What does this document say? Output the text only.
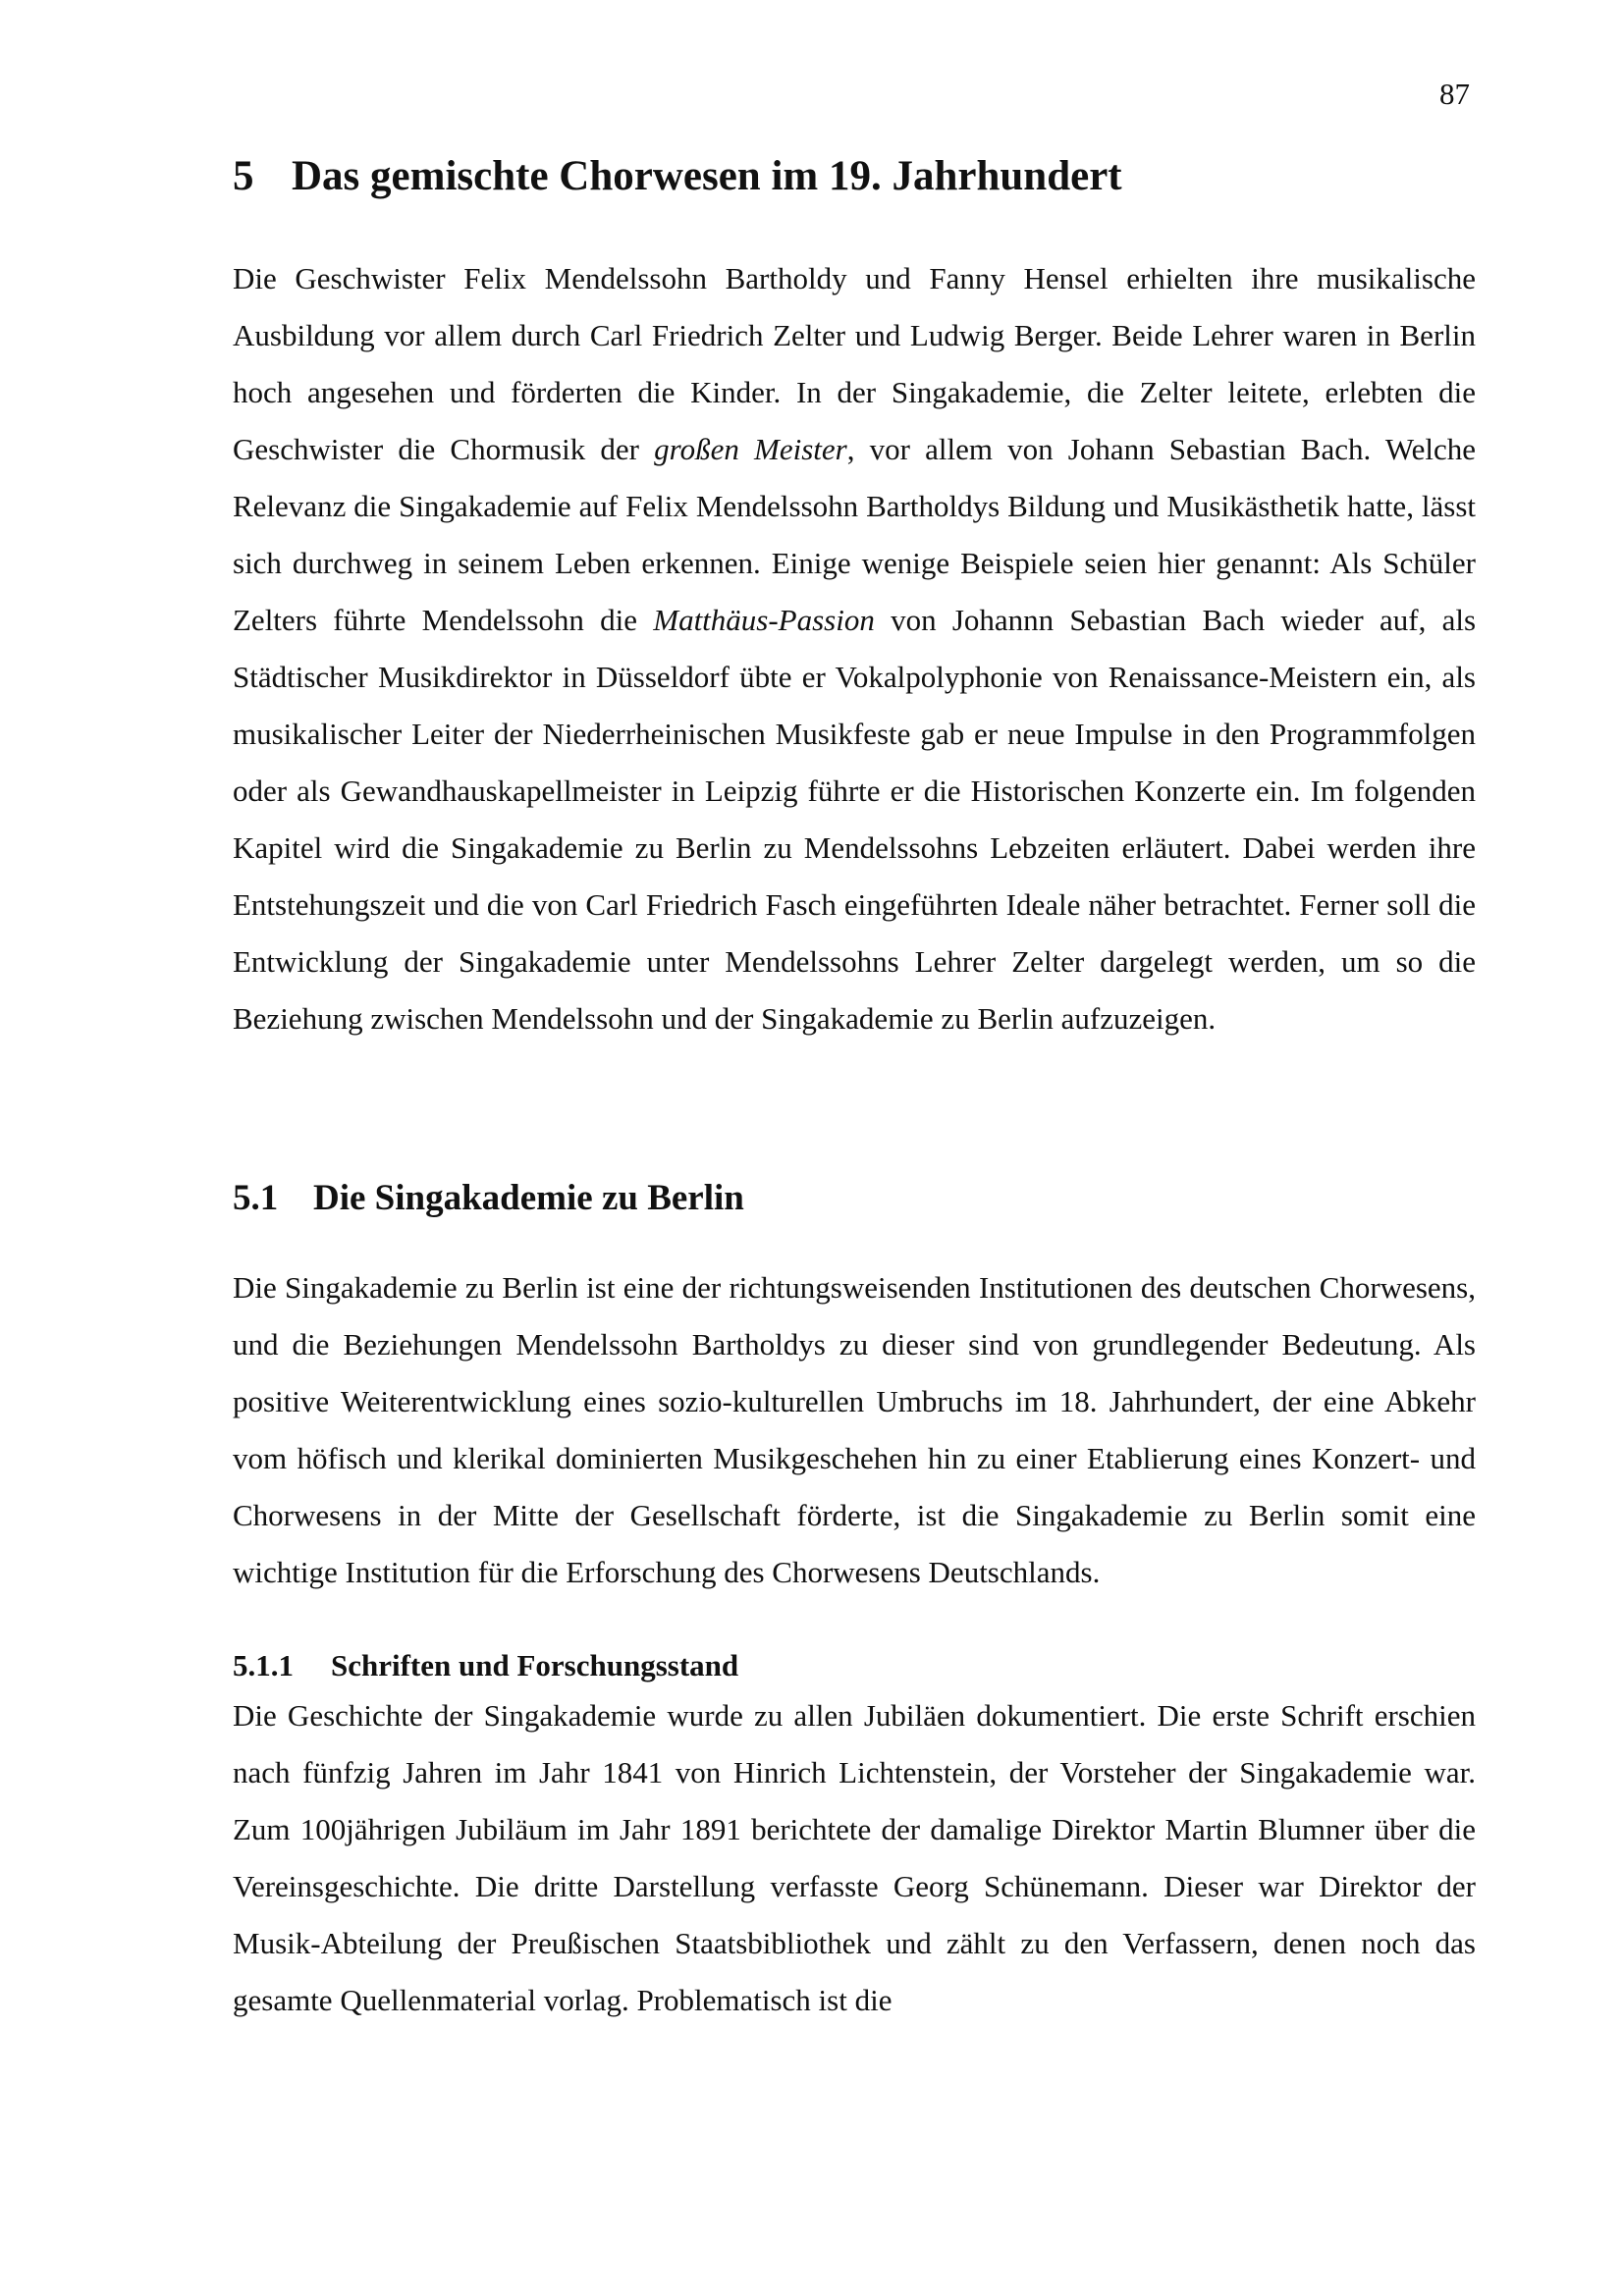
87
5 Das gemischte Chorwesen im 19. Jahrhundert

Die Geschwister Felix Mendelssohn Bartholdy und Fanny Hensel erhielten ihre musikalische Ausbildung vor allem durch Carl Friedrich Zelter und Ludwig Berger. Beide Lehrer waren in Berlin hoch angesehen und förderten die Kinder. In der Singakademie, die Zelter leitete, erlebten die Geschwister die Chormusik der großen Meister, vor allem von Johann Sebastian Bach. Welche Relevanz die Singakademie auf Felix Mendelssohn Bartholdys Bildung und Musikästhetik hatte, lässt sich durchweg in seinem Leben erkennen. Einige wenige Beispiele seien hier genannt: Als Schüler Zelters führte Mendelssohn die Matthäus-Passion von Johannn Sebastian Bach wieder auf, als Städtischer Musikdirektor in Düsseldorf übte er Vokalpolyphonie von Renaissance-Meistern ein, als musikalischer Leiter der Niederrheinischen Musikfeste gab er neue Impulse in den Programmfolgen oder als Gewandhauskapellmeister in Leipzig führte er die Historischen Konzerte ein. Im folgenden Kapitel wird die Singakademie zu Berlin zu Mendelssohns Lebzeiten erläutert. Dabei werden ihre Entstehungszeit und die von Carl Friedrich Fasch eingeführten Ideale näher betrachtet. Ferner soll die Entwicklung der Singakademie unter Mendelssohns Lehrer Zelter dargelegt werden, um so die Beziehung zwischen Mendelssohn und der Singakademie zu Berlin aufzuzeigen.

5.1 Die Singakademie zu Berlin

Die Singakademie zu Berlin ist eine der richtungsweisenden Institutionen des deutschen Chorwesens, und die Beziehungen Mendelssohn Bartholdys zu dieser sind von grundlegender Bedeutung. Als positive Weiterentwicklung eines sozio-kulturellen Umbruchs im 18. Jahrhundert, der eine Abkehr vom höfisch und klerikal dominierten Musikgeschehen hin zu einer Etablierung eines Konzert- und Chorwesens in der Mitte der Gesellschaft förderte, ist die Singakademie zu Berlin somit eine wichtige Institution für die Erforschung des Chorwesens Deutschlands.

5.1.1 Schriften und Forschungsstand

Die Geschichte der Singakademie wurde zu allen Jubiläen dokumentiert. Die erste Schrift erschien nach fünfzig Jahren im Jahr 1841 von Hinrich Lichtenstein, der Vorsteher der Singakademie war. Zum 100jährigen Jubiläum im Jahr 1891 berichtete der damalige Direktor Martin Blumner über die Vereinsgeschichte. Die dritte Darstellung verfasste Georg Schünemann. Dieser war Direktor der Musik-Abteilung der Preußischen Staatsbibliothek und zählt zu den Verfassern, denen noch das gesamte Quellenmaterial vorlag. Problematisch ist die
